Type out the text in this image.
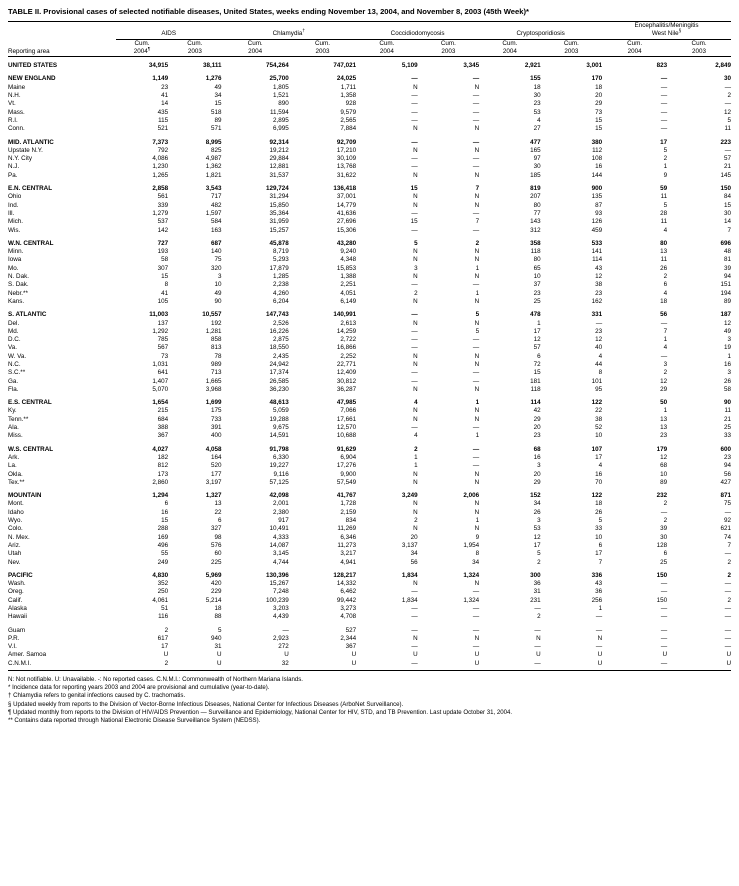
TABLE II. Provisional cases of selected notifiable diseases, United States, weeks ending November 13, 2004, and November 8, 2003 (45th Week)*
	AIDS		Chlamydia†		Coccidiodomycosis		Cryptosporidiosis		Encephalitis/Meningitis
West Nile§
	Cum.	Cum.	Cum.	Cum.	Cum.	Cum.	Cum.	Cum.	Cum.	Cum.
Reporting area	2004¶	2003	2004	2003	2004	2003	2004	2003	2004	2003

UNITED STATES	34,915	38,111	754,264	747,021	5,109	3,345	2,921	3,001	823	2,849

NEW ENGLAND	1,149	1,276	25,700	24,025	—	—	155	170	—	30
Maine	23	49	1,805	1,711	N	N	18	18	—	—
N.H.	41	34	1,521	1,358	—	—	30	20	—	2
Vt.	14	15	890	928	—	—	23	29	—	—
Mass.	435	518	11,594	9,579	—	—	53	73	—	12
R.I.	115	89	2,895	2,565	—	—	4	15	—	5
Conn.	521	571	6,995	7,884	N	N	27	15	—	11

MID. ATLANTIC	7,373	8,995	92,314	92,709	—	—	477	380	17	223
Upstate N.Y.	792	825	19,212	17,210	N	N	165	112	5	—
N.Y. City	4,086	4,987	29,884	30,109	—	—	97	108	2	57
N.J.	1,230	1,362	12,881	13,768	—	—	30	16	1	21
Pa.	1,265	1,821	31,537	31,622	N	N	185	144	9	145

E.N. CENTRAL	2,858	3,543	129,724	136,418	15	7	819	900	59	150
Ohio	561	717	31,294	37,001	N	N	207	135	11	84
Ind.	339	482	15,850	14,779	N	N	80	87	5	15
Ill.	1,279	1,597	35,364	41,636	—	—	77	93	28	30
Mich.	537	584	31,959	27,696	15	7	143	126	11	14
Wis.	142	163	15,257	15,306	—	—	312	459	4	7

W.N. CENTRAL	727	687	45,878	43,280	5	2	358	533	80	696
Minn.	193	140	8,719	9,240	N	N	118	141	13	48
Iowa	58	75	5,293	4,348	N	N	80	114	11	81
Mo.	307	320	17,879	15,853	3	1	65	43	26	39
N. Dak.	15	3	1,285	1,388	N	N	10	12	2	94
S. Dak.	8	10	2,238	2,251	—	—	37	38	6	151
Nebr.**	41	49	4,260	4,051	2	1	23	23	4	194
Kans.	105	90	6,204	6,149	N	N	25	162	18	89

S. ATLANTIC	11,003	10,557	147,743	140,991	—	5	478	331	56	187
Del.	137	192	2,526	2,613	N	N	1	—	—	12
Md.	1,292	1,281	16,226	14,259	—	5	17	23	7	49
D.C.	785	858	2,875	2,722	—	—	12	12	1	3
Va.	567	813	18,550	16,866	—	—	57	40	4	19
W. Va.	73	78	2,435	2,252	N	N	6	4	—	1
N.C.	1,031	989	24,942	22,771	N	N	72	44	3	16
S.C.**	641	713	17,374	12,409	—	—	15	8	2	3
Ga.	1,407	1,665	26,585	30,812	—	—	181	101	12	26
Fla.	5,070	3,968	36,230	36,287	N	N	118	95	29	58

E.S. CENTRAL	1,654	1,699	48,613	47,985	4	1	114	122	50	90
Ky.	215	175	5,059	7,066	N	N	42	22	1	11
Tenn.**	684	733	19,288	17,661	N	N	29	38	13	21
Ala.	388	391	9,675	12,570	—	—	20	52	13	25
Miss.	367	400	14,591	10,688	4	1	23	10	23	33

W.S. CENTRAL	4,027	4,058	91,798	91,629	2	—	68	107	179	600
Ark.	182	164	6,330	6,904	1	—	16	17	12	23
La.	812	520	19,227	17,276	1	—	3	4	68	94
Okla.	173	177	9,116	9,900	N	N	20	16	10	56
Tex.**	2,860	3,197	57,125	57,549	N	N	29	70	89	427

MOUNTAIN	1,294	1,327	42,098	41,767	3,249	2,006	152	122	232	871
Mont.	6	13	2,001	1,728	N	N	34	18	2	75
Idaho	16	22	2,380	2,159	N	N	26	26	—	—
Wyo.	15	6	917	834	2	1	3	5	2	92
Colo.	288	327	10,491	11,269	N	N	53	33	39	621
N. Mex.	169	98	4,333	6,346	20	9	12	10	30	74
Ariz.	496	576	14,087	11,273	3,137	1,954	17	6	128	7
Utah	55	60	3,145	3,217	34	8	5	17	6	—
Nev.	249	225	4,744	4,941	56	34	2	7	25	2

PACIFIC	4,830	5,969	130,396	128,217	1,834	1,324	300	336	150	2
Wash.	352	420	15,267	14,332	N	N	36	43	—	—
Oreg.	250	229	7,248	6,462	—	—	31	36	—	—
Calif.	4,061	5,214	100,239	99,442	1,834	1,324	231	256	150	2
Alaska	51	18	3,203	3,273	—	—	—	1	—	—
Hawaii	116	88	4,439	4,708	—	—	2	—	—	—

Guam	2	5	—	527	—	—	—	—	—	—
P.R.	617	940	2,923	2,344	N	N	N	N	—	—
V.I.	17	31	272	367	—	—	—	—	—	—
Amer. Samoa	U	U	U	U	U	U	U	U	U	U
C.N.M.I.	2	U	32	U	—	U	—	U	—	U
N: Not notifiable. U: Unavailable. -: No reported cases. C.N.M.I.: Commonwealth of Northern Mariana Islands.
* Incidence data for reporting years 2003 and 2004 are provisional and cumulative (year-to-date).
† Chlamydia refers to genital infections caused by C. trachomatis.
§ Updated weekly from reports to the Division of Vector-Borne Infectious Diseases, National Center for Infectious Diseases (ArboNet Surveillance).
¶ Updated monthly from reports to the Division of HIV/AIDS Prevention — Surveillance and Epidemiology, National Center for HIV, STD, and TB Prevention. Last update October 31, 2004.
** Contains data reported through National Electronic Disease Surveillance System (NEDSS).
